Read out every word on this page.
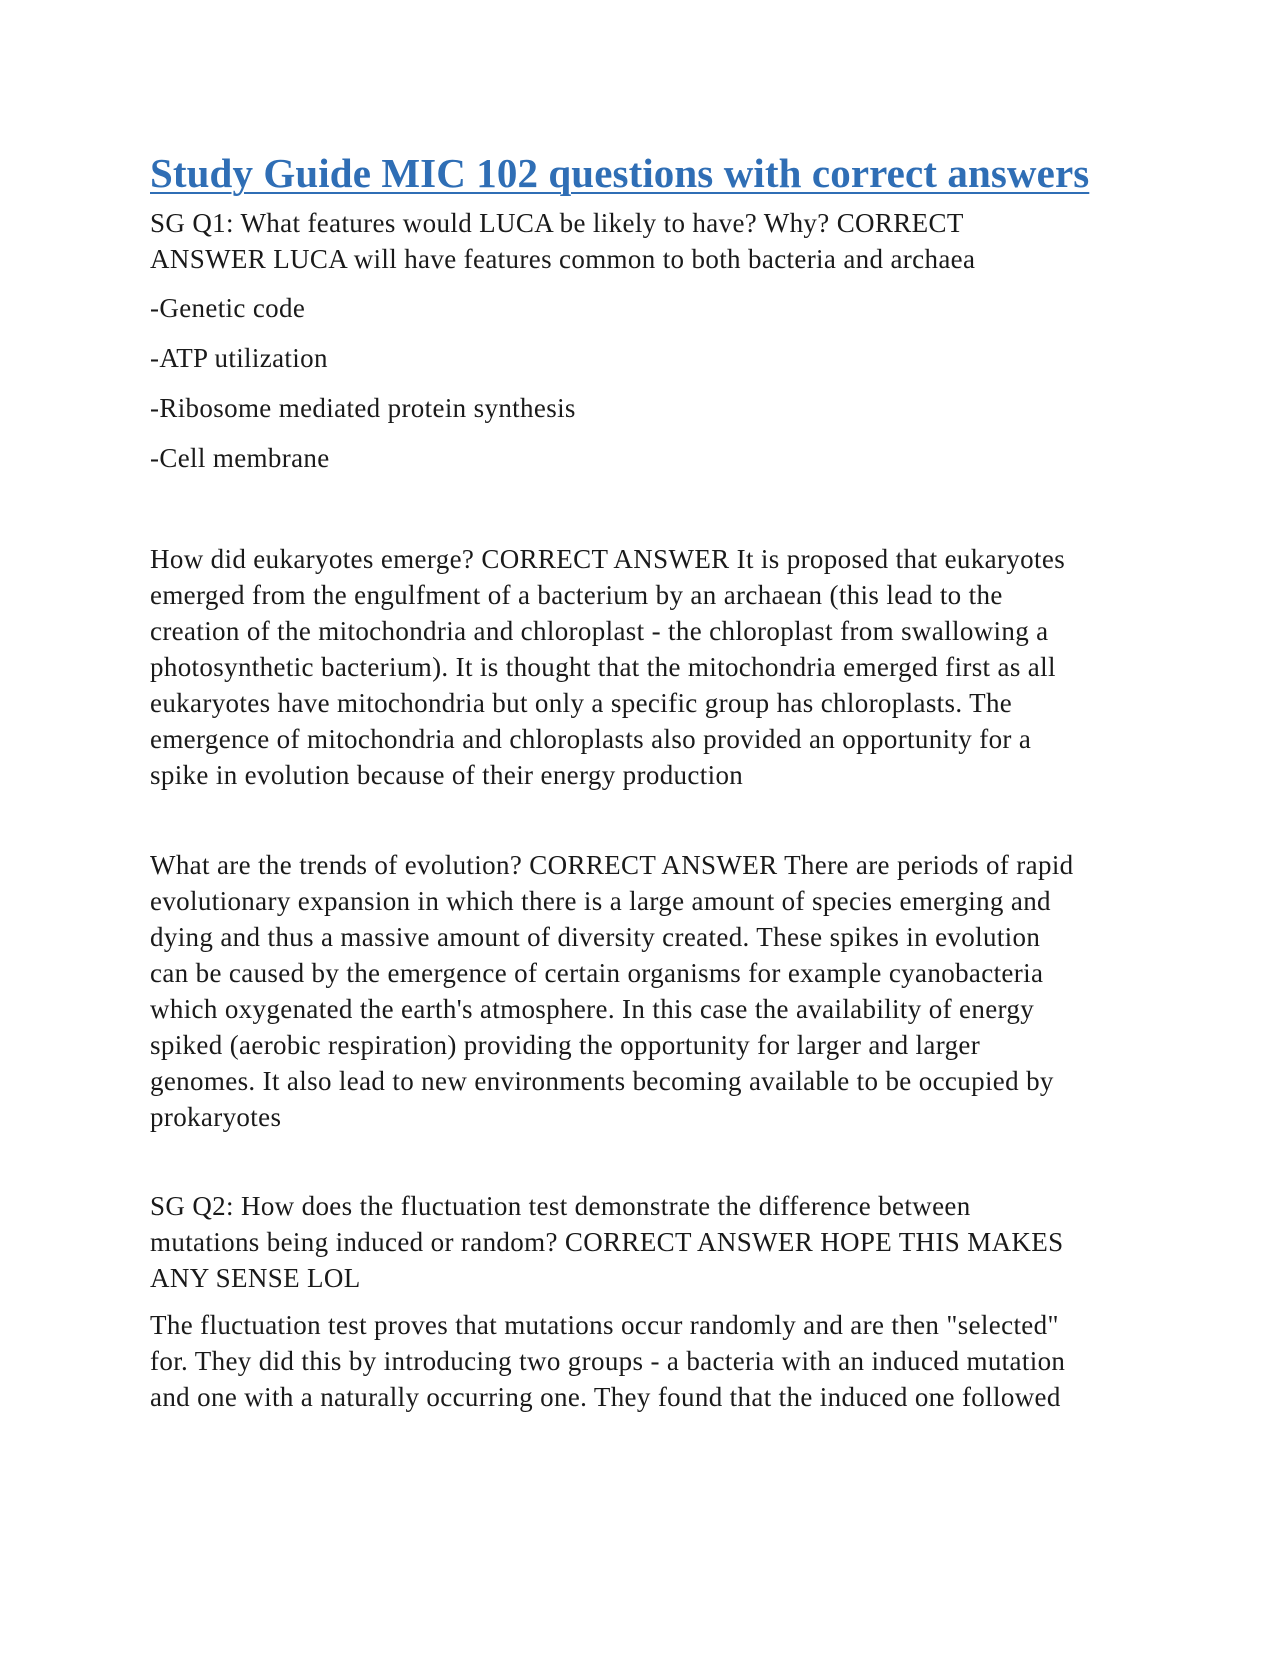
Study Guide MIC 102 questions with correct answers

SG Q1: What features would LUCA be likely to have? Why? CORRECT
ANSWER LUCA will have features common to both bacteria and archaea

-Genetic code

-ATP utilization

-Ribosome mediated protein synthesis

-Cell membrane

How did eukaryotes emerge? CORRECT ANSWER It is proposed that eukaryotes
emerged from the engulfment of a bacterium by an archaean (this lead to the
creation of the mitochondria and chloroplast - the chloroplast from swallowing a
photosynthetic bacterium). It is thought that the mitochondria emerged first as all
eukaryotes have mitochondria but only a specific group has chloroplasts. The
emergence of mitochondria and chloroplasts also provided an opportunity for a
spike in evolution because of their energy production

What are the trends of evolution? CORRECT ANSWER There are periods of rapid
evolutionary expansion in which there is a large amount of species emerging and
dying and thus a massive amount of diversity created. These spikes in evolution
can be caused by the emergence of certain organisms for example cyanobacteria
which oxygenated the earth's atmosphere. In this case the availability of energy
spiked (aerobic respiration) providing the opportunity for larger and larger
genomes. It also lead to new environments becoming available to be occupied by
prokaryotes

SG Q2: How does the fluctuation test demonstrate the difference between
mutations being induced or random? CORRECT ANSWER HOPE THIS MAKES
ANY SENSE LOL

The fluctuation test proves that mutations occur randomly and are then "selected"
for. They did this by introducing two groups - a bacteria with an induced mutation
and one with a naturally occurring one. They found that the induced one followed
